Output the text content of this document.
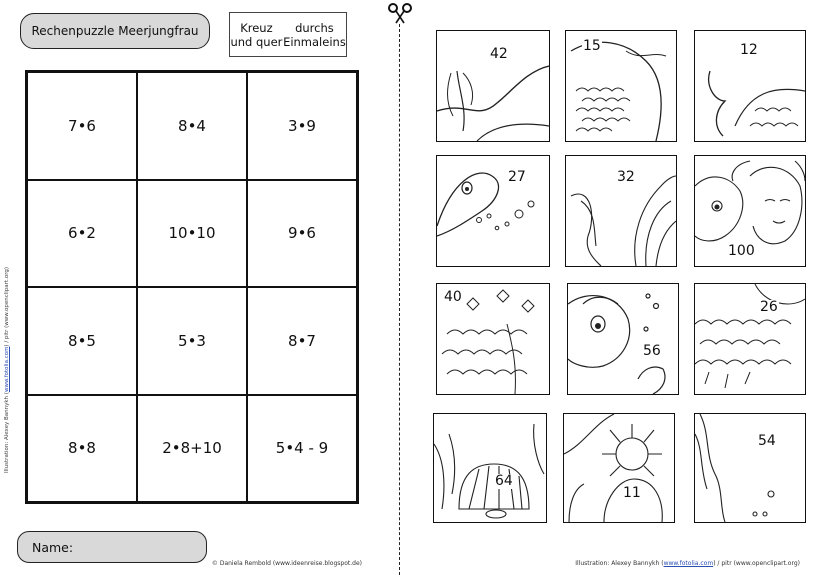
Rechenpuzzle Meerjungfrau	Kreuz und quer
durchs Einmaleins
7•6	8•4	3•9
6•2	10•10	9•6
8•5	5•3	8•7
8•8	2•8+10	5•4 - 9
Name:
© Daniela Rembold (www.ideenreise.blogspot.de)
Illustration: Alexey Bannykh (www.fotolia.com) / pitr (www.openclipart.org)
42	15	12
27	32
100
40
56
26
64
11
54
Illustration: Alexey Bannykh (www.fotolia.com) / pitr (www.openclipart.org)
